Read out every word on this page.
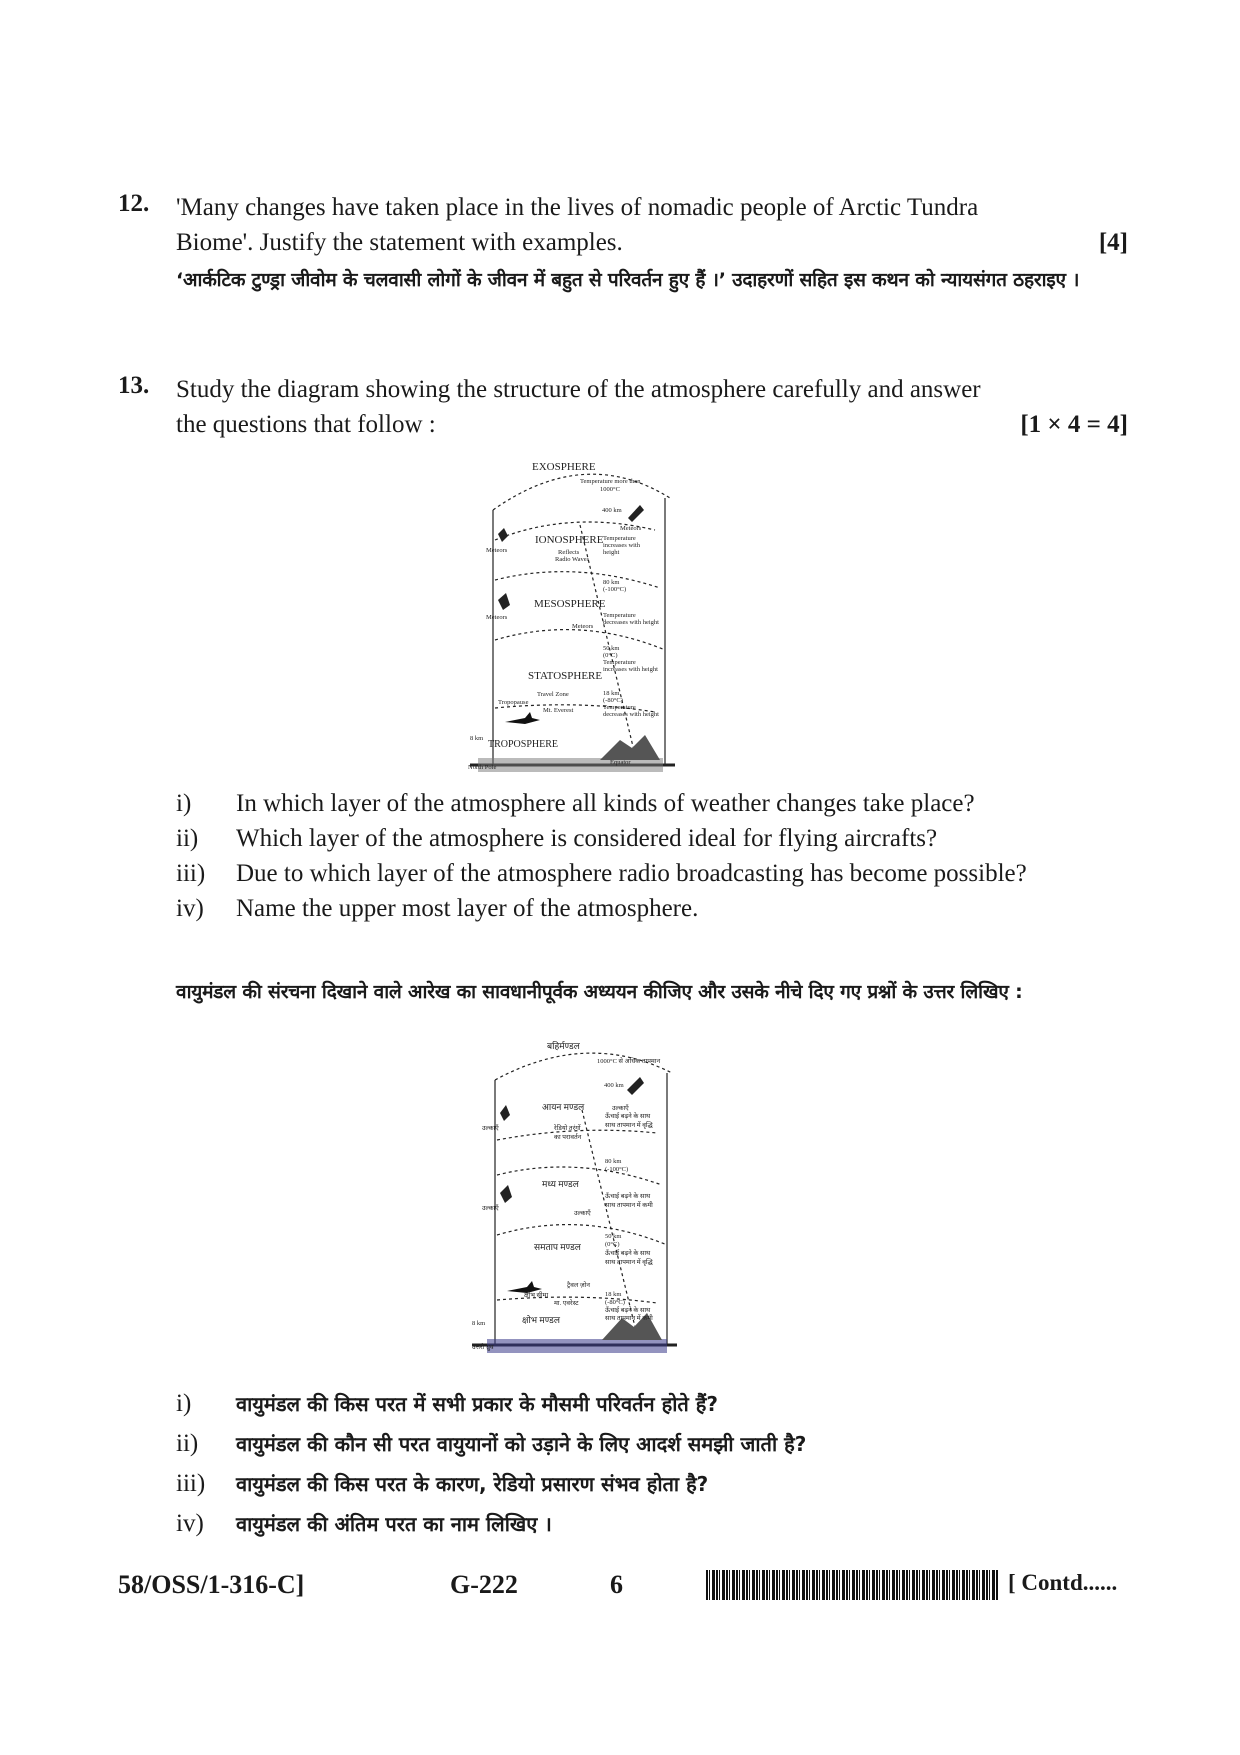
12. 'Many changes have taken place in the lives of nomadic people of Arctic Tundra
Biome'. Justify the statement with examples.	[4]
‘आर्कटिक टुण्ड्रा जीवोम के चलवासी लोगों के जीवन में बहुत से परिवर्तन हुए हैं ।’ उदाहरणों सहित इस कथन को न्यायसंगत ठहराइए ।
13. Study the diagram showing the structure of the atmosphere carefully and answer
the questions that follow :	[1 × 4 = 4]
EXOSPHERE
Temperature more than
1000°C
400 km
Meteors
IONOSPHERE
Meteors	Reflects
Radio Waves
Temperature
increases with
height
80 km
(-100°C)
MESOSPHERE
Meteors
Meteors
Temperature
decreases with height
50 km
(0°C)
Temperature
increases with height
STATOSPHERE
Travel Zone
Tropopause
Mt. Everest
18 km
(-80°C)
Temperature
decreases with height
8 km
TROPOSPHERE
North Pole
Equator
i)	In which layer of the atmosphere all kinds of weather changes take place?
ii)	Which layer of the atmosphere is considered ideal for flying aircrafts?
iii)	Due to which layer of the atmosphere radio broadcasting has become possible?
iv)	Name the upper most layer of the atmosphere.
वायुमंडल की संरचना दिखाने वाले आरेख का सावधानीपूर्वक अध्ययन कीजिए और उसके नीचे दिए गए प्रश्नों के उत्तर लिखिए :
बहिर्मण्डल
1000°C से अधिक तापमान
400 km
आयन मण्डल	उल्काएँ
उल्काएँ	रेडियो तरंगों
का परावर्तन
ऊँचाई बढ़ने के साथ
साथ तापमान में वृद्धि
80 km
(-100°C)
मध्य मण्डल
उल्काएँ
उल्काएँ
ऊँचाई बढ़ने के साथ
साथ तापमान में कमी
50 km
(0°C)
ऊँचाई बढ़ने के साथ
साथ तापमान में वृद्धि
समताप मण्डल
ट्रैवल ज़ोन
क्षोभ सीमा
मा. एवरेस्ट
18 km
(-80°C)
ऊँचाई बढ़ने के साथ
साथ तापमान में कमी
8 km	क्षोभ मण्डल
उत्तरी ध्रुव
i)	वायुमंडल की किस परत में सभी प्रकार के मौसमी परिवर्तन होते हैं?
ii)	वायुमंडल की कौन सी परत वायुयानों को उड़ाने के लिए आदर्श समझी जाती है?
iii)	वायुमंडल की किस परत के कारण, रेडियो प्रसारण संभव होता है?
iv)	वायुमंडल की अंतिम परत का नाम लिखिए ।
58/OSS/1-316-C]	G-222	6	[ Contd......
